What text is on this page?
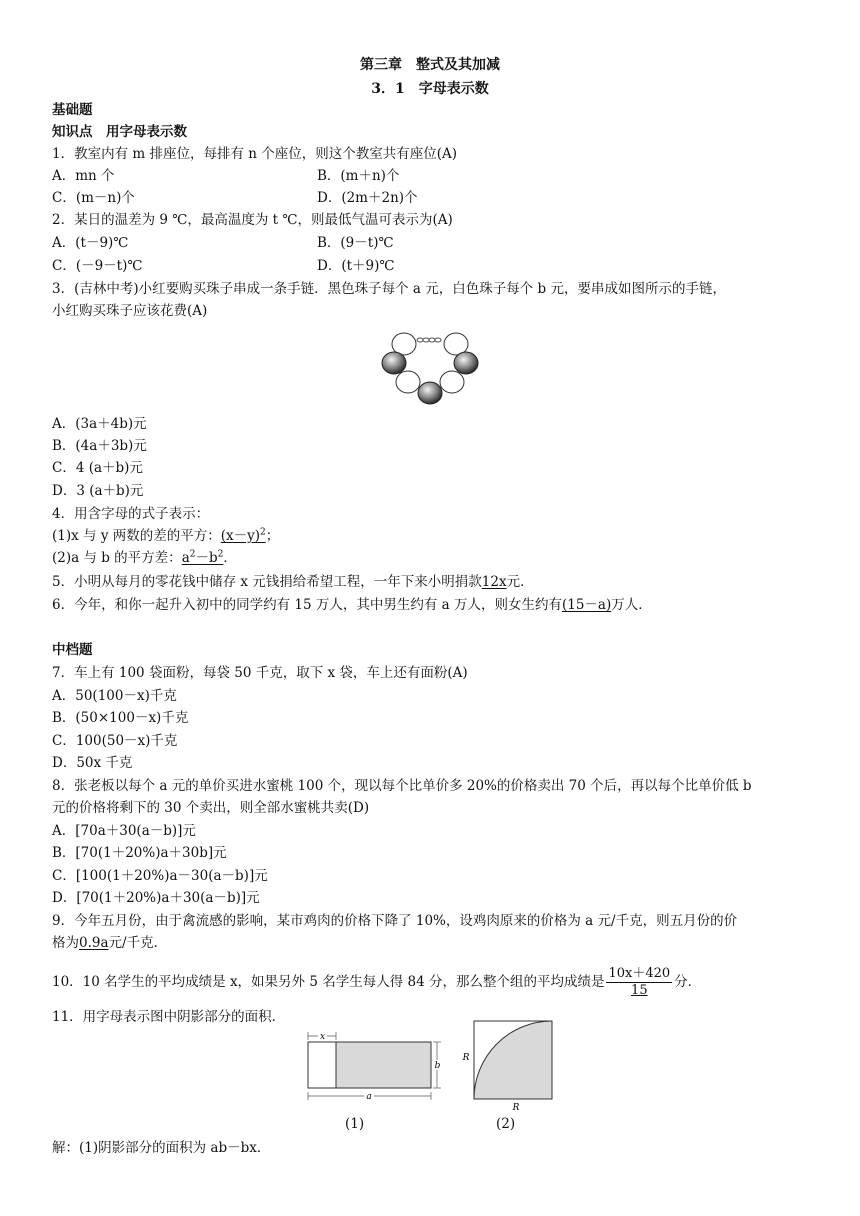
第三章　整式及其加减
3．1　字母表示数
基础题
知识点　用字母表示数
1．教室内有 m 排座位，每排有 n 个座位，则这个教室共有座位(A)
A．mn 个	B．(m＋n)个
C．(m－n)个	D．(2m＋2n)个
2．某日的温差为 9 ℃，最高温度为 t ℃，则最低气温可表示为(A)
A．(t－9)℃	B．(9－t)℃
C．(－9－t)℃	D．(t＋9)℃
3．(吉林中考)小红要购买珠子串成一条手链．黑色珠子每个 a 元，白色珠子每个 b 元，要串成如图所示的手链，
小红购买珠子应该花费(A)
A．(3a＋4b)元
B．(4a＋3b)元
C．4 (a＋b)元
D．3 (a＋b)元
4．用含字母的式子表示：
(1)x 与 y 两数的差的平方：$(x-y)^2$；
(2)a 与 b 的平方差：$a^2-b^2$．
5．小明从每月的零花钱中储存 x 元钱捐给希望工程，一年下来小明捐款12x元．
6．今年，和你一起升入初中的同学约有 15 万人，其中男生约有 a 万人，则女生约有(15－a)万人．
中档题
7．车上有 100 袋面粉，每袋 50 千克，取下 x 袋，车上还有面粉(A)
A．50(100－x)千克
B．(50×100－x)千克
C．100(50－x)千克
D．50x 千克
8．张老板以每个 a 元的单价买进水蜜桃 100 个，现以每个比单价多 20%的价格卖出 70 个后，再以每个比单价低 b
元的价格将剩下的 30 个卖出，则全部水蜜桃共卖(D)
A．[70a＋30(a－b)]元
B．[70(1＋20%)a＋30b]元
C．[100(1＋20%)a－30(a－b)]元
D．[70(1＋20%)a＋30(a－b)]元
9．今年五月份，由于禽流感的影响，某市鸡肉的价格下降了 10%，设鸡肉原来的价格为 a 元/千克，则五月份的价
格为0.9a元/千克．
10．10 名学生的平均成绩是 x，如果另外 5 名学生每人得 84 分，那么整个组的平均成绩是 $\frac{10x+420}{15}$ 分．
11．用字母表示图中阴影部分的面积．
x
b
a
R
R
(1)	(2)
解：(1)阴影部分的面积为 ab－bx．
